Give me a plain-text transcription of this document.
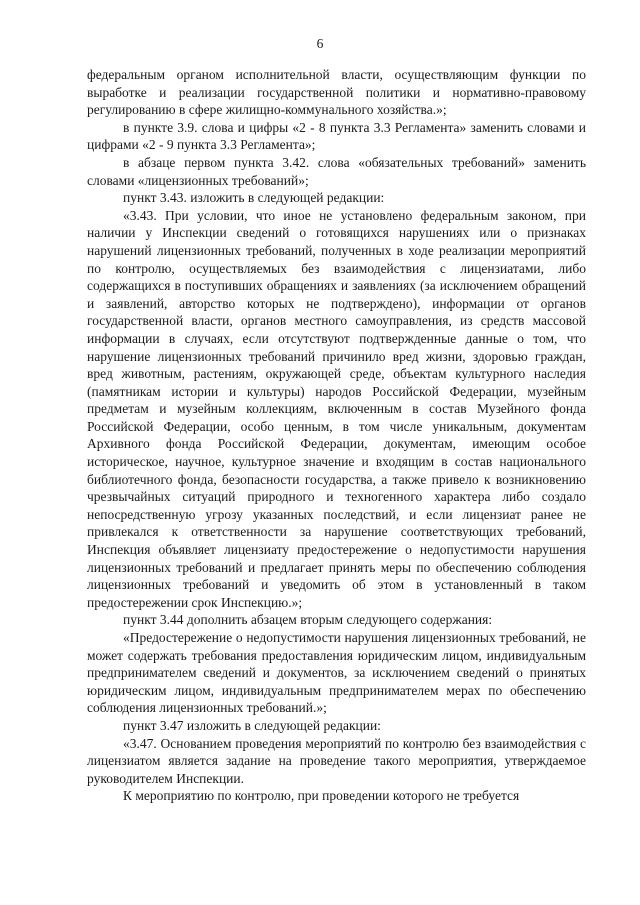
6

федеральным органом исполнительной власти, осуществляющим функции по выработке и реализации государственной политики и нормативно-правовому регулированию в сфере жилищно-коммунального хозяйства.»;

в пункте 3.9. слова и цифры «2 - 8 пункта 3.3 Регламента» заменить словами и цифрами «2 - 9 пункта 3.3 Регламента»;

в абзаце первом пункта 3.42. слова «обязательных требований» заменить словами «лицензионных требований»;

пункт 3.43. изложить в следующей редакции:

«3.43. При условии, что иное не установлено федеральным законом, при наличии у Инспекции сведений о готовящихся нарушениях или о признаках нарушений лицензионных требований, полученных в ходе реализации мероприятий по контролю, осуществляемых без взаимодействия с лицензиатами, либо содержащихся в поступивших обращениях и заявлениях (за исключением обращений и заявлений, авторство которых не подтверждено), информации от органов государственной власти, органов местного самоуправления, из средств массовой информации в случаях, если отсутствуют подтвержденные данные о том, что нарушение лицензионных требований причинило вред жизни, здоровью граждан, вред животным, растениям, окружающей среде, объектам культурного наследия (памятникам истории и культуры) народов Российской Федерации, музейным предметам и музейным коллекциям, включенным в состав Музейного фонда Российской Федерации, особо ценным, в том числе уникальным, документам Архивного фонда Российской Федерации, документам, имеющим особое историческое, научное, культурное значение и входящим в состав национального библиотечного фонда, безопасности государства, а также привело к возникновению чрезвычайных ситуаций природного и техногенного характера либо создало непосредственную угрозу указанных последствий, и если лицензиат ранее не привлекался к ответственности за нарушение соответствующих требований, Инспекция объявляет лицензиату предостережение о недопустимости нарушения лицензионных требований и предлагает принять меры по обеспечению соблюдения лицензионных требований и уведомить об этом в установленный в таком предостережении срок Инспекцию.»;

пункт 3.44 дополнить абзацем вторым следующего содержания:

«Предостережение о недопустимости нарушения лицензионных требований, не может содержать требования предоставления юридическим лицом, индивидуальным предпринимателем сведений и документов, за исключением сведений о принятых юридическим лицом, индивидуальным предпринимателем мерах по обеспечению соблюдения лицензионных требований.»;

пункт 3.47 изложить в следующей редакции:

«3.47. Основанием проведения мероприятий по контролю без взаимодействия с лицензиатом является задание на проведение такого мероприятия, утверждаемое руководителем Инспекции.

К мероприятию по контролю, при проведении которого не требуется
